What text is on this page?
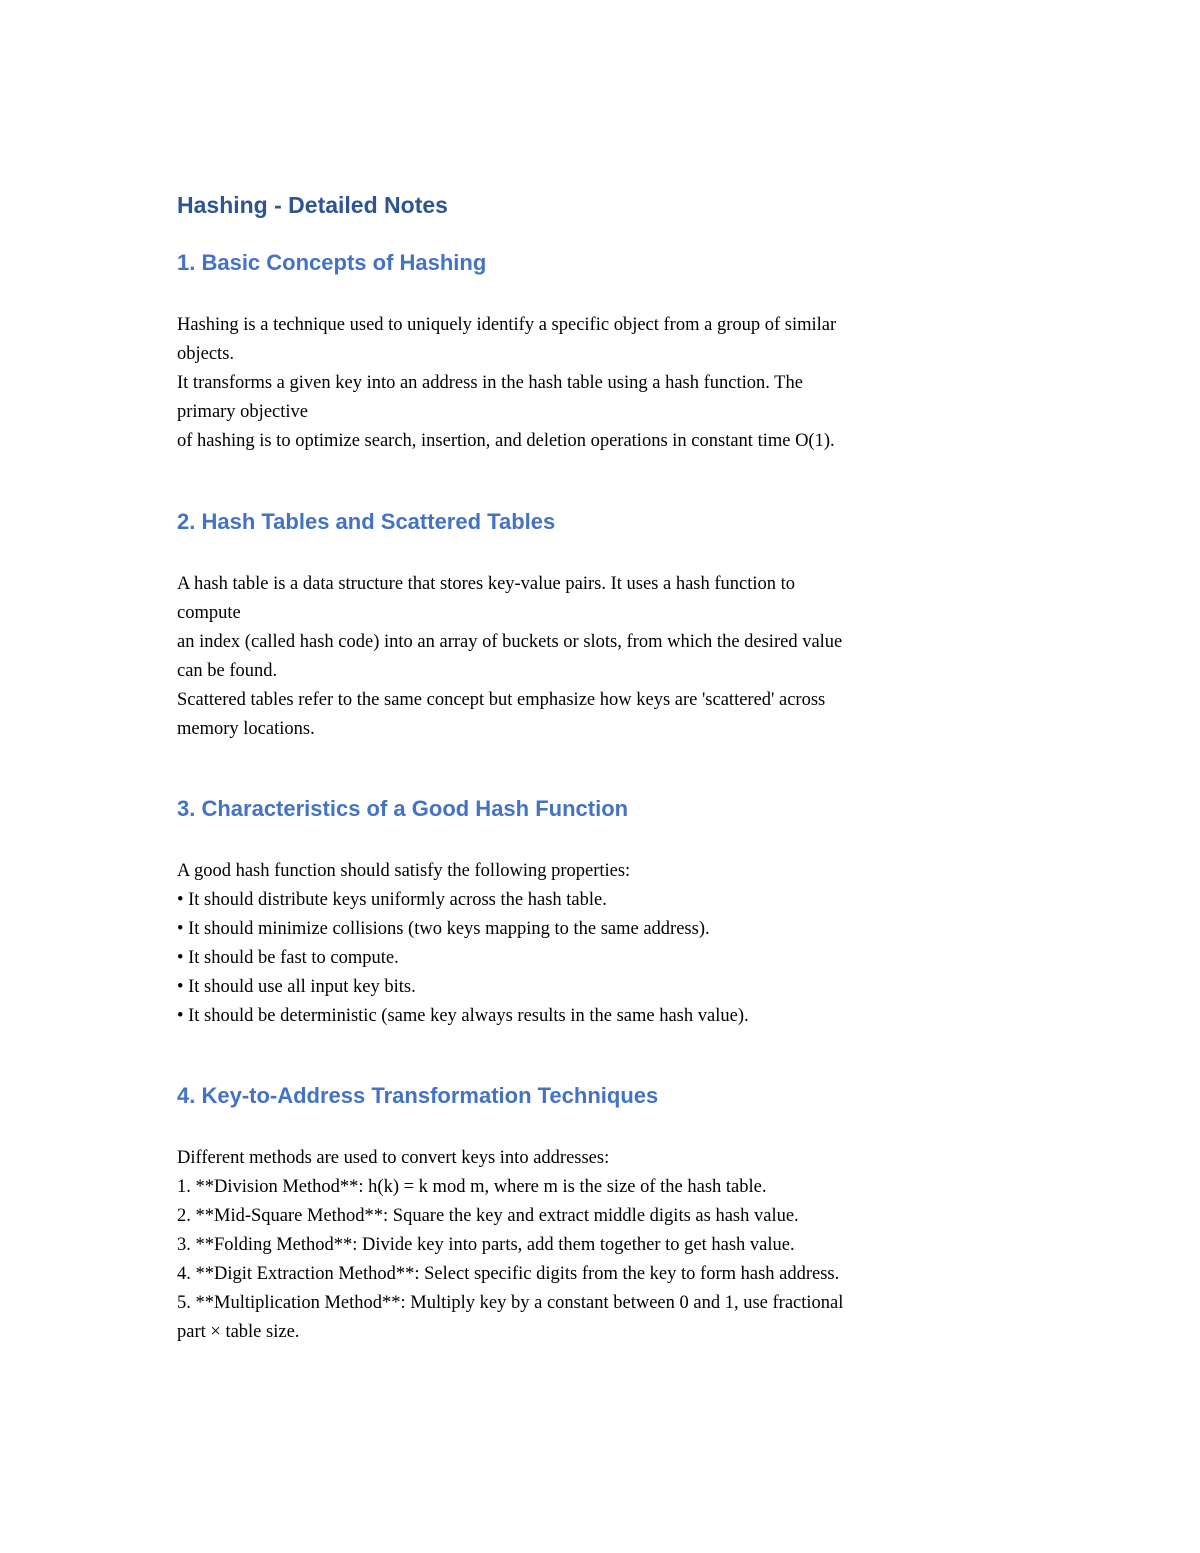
Hashing - Detailed Notes
1. Basic Concepts of Hashing
Hashing is a technique used to uniquely identify a specific object from a group of similar
objects.
It transforms a given key into an address in the hash table using a hash function. The
primary objective
of hashing is to optimize search, insertion, and deletion operations in constant time O(1).
2. Hash Tables and Scattered Tables
A hash table is a data structure that stores key-value pairs. It uses a hash function to
compute
an index (called hash code) into an array of buckets or slots, from which the desired value
can be found.
Scattered tables refer to the same concept but emphasize how keys are 'scattered' across
memory locations.
3. Characteristics of a Good Hash Function
A good hash function should satisfy the following properties:
• It should distribute keys uniformly across the hash table.
• It should minimize collisions (two keys mapping to the same address).
• It should be fast to compute.
• It should use all input key bits.
• It should be deterministic (same key always results in the same hash value).
4. Key-to-Address Transformation Techniques
Different methods are used to convert keys into addresses:
1. **Division Method**: h(k) = k mod m, where m is the size of the hash table.
2. **Mid-Square Method**: Square the key and extract middle digits as hash value.
3. **Folding Method**: Divide key into parts, add them together to get hash value.
4. **Digit Extraction Method**: Select specific digits from the key to form hash address.
5. **Multiplication Method**: Multiply key by a constant between 0 and 1, use fractional
part × table size.
